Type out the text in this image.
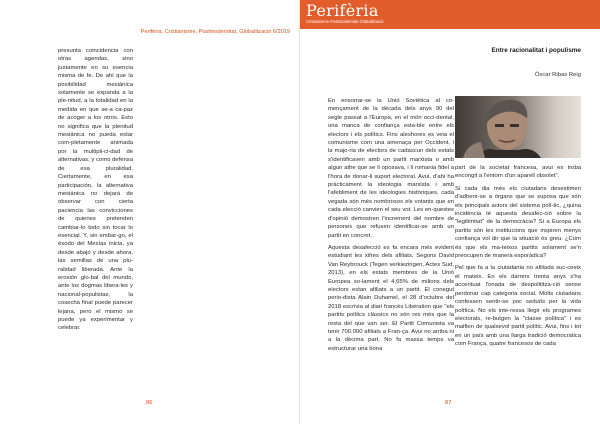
Perifèria. Cristianisme, Postmodernitat, Globalització 6/2019

presunta coincidencia con otras agendas, sino justamente en su esencia misma de fe. De ahí que la posibilidad mesiánica solamente se expanda a la ple-nitud, a la totalidad en la medida en que se-a ca-paz de acoger a los otros. Esto no significa que la plenitud mesiánica no pueda estar com-pletamente animada por la multipli-ci-dad de alternativas, y como defensa de esa pluralidad. Ciertamente, en esa participación, la alternativa mesiánica no dejará de observar con cierta paciencia las convicciones de quienes pretenden cambiar-lo todo sin tocar lo esencial. Y, sin embar-go, el éxodo del Mesías inicia, ya desde abajo y desde ahora, las semillas de una plu-ralidad liberada. Ante la erosión glo-bal del mundo, ante los dogmas libera-les y nacional-populistas, la cosecha final puede parecer lejana, pero el mismo se puede ya experimentar y celebrar.

86
Perifèria
Cristianisme Postmodernitat Globalització
Entre racionalitat i populisme
Óscar Ribas Reig

En ensorrar-se la Unió Soviètica al co-mençament de la dècada dels anys 90 del segle passat a l'Europa, en el món occi-dental, una manca de confiança esta-ble entre els electors i els polítics. Fins aleshores es veia el comunisme com una amenaça per Occident, i la majo-ria de electors de cadascun dels estats s'identificaven amb un partit marxista o amb algun altre que se li oposava, i li romania fidel a l'hora de donar-li suport electoral. Avui, d'ahí ha pràcticament la ideologia marxista i amb l'afebliment de les ideologies històriques, cada vegada són més nombrosos els votants que en cada elecció canvien el seu vot. Les en-questes d'opinió demostren l'increment del nombre de persones que refusen identificar-se amb un partit en concret.

Aquesta desafecció es fa encara més evident estudiant les xifres dels afiliats. Segons David Van Reybrouck (Tegen verkiezingen, Actes Sud, 2013), en els estats membres de la Unió Europea so-lament el 4,65% de milions dels electors estan afiliats a un partit. El conegut perio-dista Alain Duhamel, el 28 d'octubre del 2018 escrivia al diari francès Libération que "els partits polítics clàssics no són res més que la resta del que van ser. El Partit Comunista va tenir 700.000 afiliats a Fran-ça. Avui no arriba ni a la dècima part. No fa massa temps va estructurar una bona

part de la societat francesa, avui es troba encongit a l'entorn d'un aparell obsolet".

Si cada dia més els ciutadans desestimen d'adherir-se a òrgans que se suposa que són els principals actors del sistema polí-tic, ¿quina incidència té aquesta desafec-ció sobre la "legitimitat" de la democràcia? Si a Europa els partits són les institucions que inspiren menys confiança vol dir que la situació és greu. ¿Com és que els ma-teixos partits solament se'n preocupen de manera esporàdica?

Pel que fa a la ciutadania no afiliada suc-ceeix el mateix. En els darrers trenta anys s'ha accentuat l'onada de despolititza-ció sense perdonar cap categoria social. Molts ciutadans confessen sentir-se poc seduïts per la vida política. No els inte-ressa llegir els programes electorals, re-butgen la "classe política" i es malfien de qualsevol partit polític. Avui, fins i tot en un país amb una llarga tradició democràtica com França, quatre francesos de cada

87
